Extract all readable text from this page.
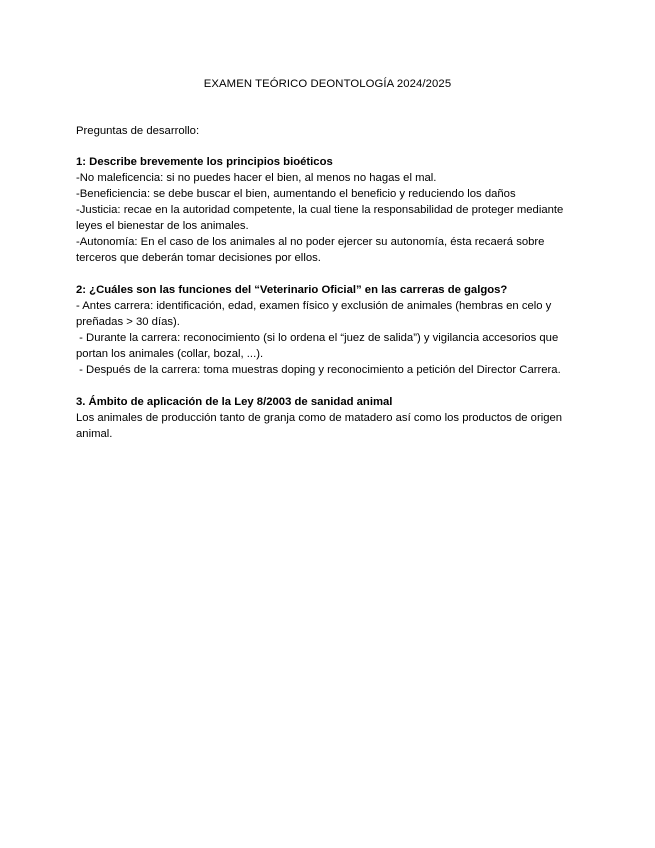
EXAMEN TEÓRICO DEONTOLOGÍA 2024/2025

Preguntas de desarrollo:

1: Describe brevemente los principios bioéticos

-No maleficencia: si no puedes hacer el bien, al menos no hagas el mal.

-Beneficiencia: se debe buscar el bien, aumentando el beneficio y reduciendo los daños

-Justicia: recae en la autoridad competente, la cual tiene la responsabilidad de proteger mediante leyes el bienestar de los animales.

-Autonomía: En el caso de los animales al no poder ejercer su autonomía, ésta recaerá sobre terceros que deberán tomar decisiones por ellos.

2: ¿Cuáles son las funciones del “Veterinario Oficial” en las carreras de galgos?

- Antes carrera: identificación, edad, examen físico y exclusión de animales (hembras en celo y preñadas > 30 días).

- Durante la carrera: reconocimiento (si lo ordena el “juez de salida”) y vigilancia accesorios que portan los animales (collar, bozal, ...).

- Después de la carrera: toma muestras doping y reconocimiento a petición del Director Carrera.

3. Ámbito de aplicación de la Ley 8/2003 de sanidad animal

Los animales de producción tanto de granja como de matadero así como los productos de origen animal.
